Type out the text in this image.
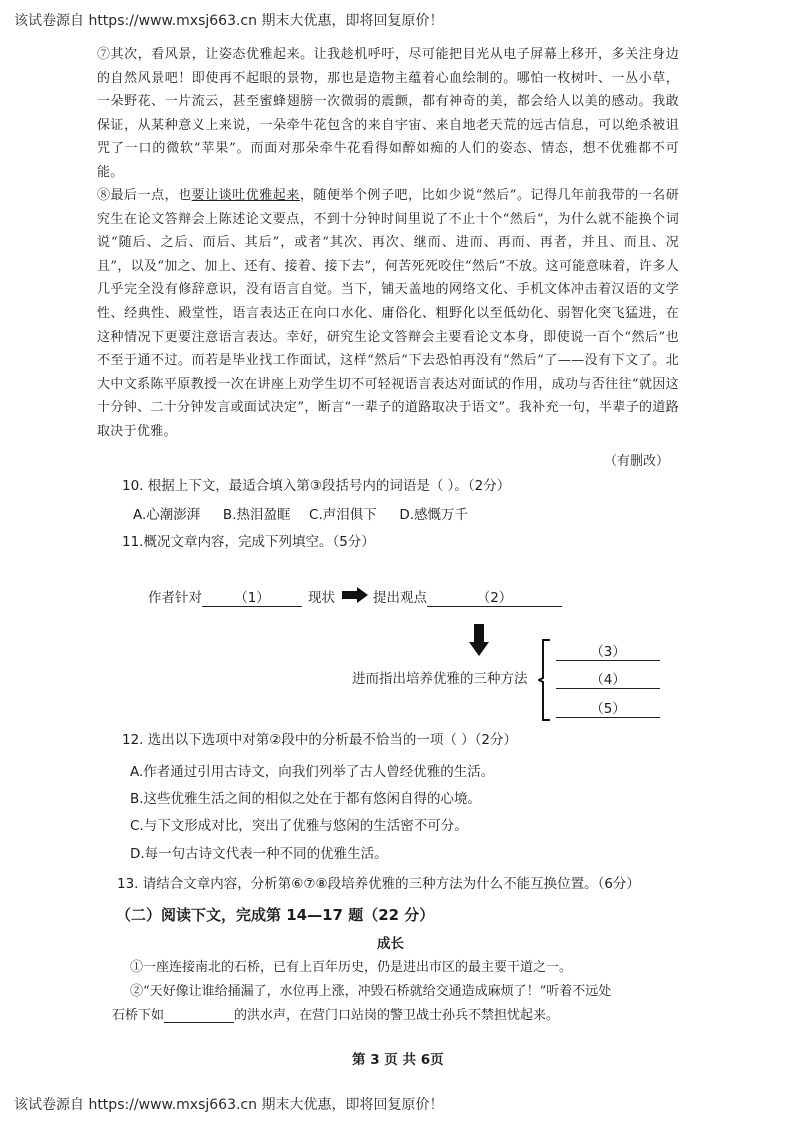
该试卷源自 https://www.mxsj663.cn 期末大优惠，即将回复原价！
⑦其次，看风景，让姿态优雅起来。让我趁机呼吁，尽可能把目光从电子屏幕上移开，多关注身边的自然风景吧！即使再不起眼的景物，那也是造物主蕴着心血绘制的。哪怕一枚树叶、一丛小草，一朵野花、一片流云，甚至蜜蜂翅膀一次微弱的震颤，都有神奇的美，都会给人以美的感动。我敢保证，从某种意义上来说，一朵牵牛花包含的来自宇宙、来自地老天荒的远古信息，可以绝杀被诅咒了一口的微软“苹果”。而面对那朵牵牛花看得如醉如痴的人们的姿态、情态，想不优雅都不可能。
⑧最后一点，也要让谈吐优雅起来，随便举个例子吧，比如少说“然后”。记得几年前我带的一名研究生在论文答辩会上陈述论文要点，不到十分钟时间里说了不止十个“然后”，为什么就不能换个词说“随后、之后、而后、其后”，或者“其次、再次、继而、进而、再而、再者，并且、而且、况且”，以及“加之、加上、还有、接着、接下去”，何苦死死咬住“然后”不放。这可能意味着，许多人几乎完全没有修辞意识，没有语言自觉。当下，铺天盖地的网络文化、手机文体冲击着汉语的文学性、经典性、殿堂性，语言表达正在向口水化、庸俗化、粗野化以至低幼化、弱智化突飞猛进，在这种情况下更要注意语言表达。幸好，研究生论文答辩会主要看论文本身，即使说一百个“然后”也不至于通不过。而若是毕业找工作面试，这样“然后”下去恐怕再没有“然后”了——没有下文了。北大中文系陈平原教授一次在讲座上劝学生切不可轻视语言表达对面试的作用，成功与否往往“就因这十分钟、二十分钟发言或面试决定”，断言“一辈子的道路取决于语文”。我补充一句，半辈子的道路取决于优雅。
（有删改）
10. 根据上下文，最适合填入第③段括号内的词语是（ ）。（2分）
A.心潮澎湃 B.热泪盈眶 C.声泪俱下 D.感慨万千
11.概况文章内容，完成下列填空。（5分）
作者针对 （1）	现状	提出观点	（2）
进而指出培养优雅的三种方法
（3）
（4）
（5）
12. 选出以下选项中对第②段中的分析最不恰当的一项（ ）（2分）
A.作者通过引用古诗文，向我们列举了古人曾经优雅的生活。
B.这些优雅生活之间的相似之处在于都有悠闲自得的心境。
C.与下文形成对比，突出了优雅与悠闲的生活密不可分。
D.每一句古诗文代表一种不同的优雅生活。
13. 请结合文章内容，分析第⑥⑦⑧段培养优雅的三种方法为什么不能互换位置。（6分）
（二）阅读下文，完成第 14—17 题（22 分）
成长
①一座连接南北的石桥，已有上百年历史，仍是进出市区的最主要干道之一。
②“天好像让谁给捅漏了，水位再上涨，冲毁石桥就给交通造成麻烦了！”听着不远处
石桥下如	的洪水声，在营门口站岗的警卫战士孙兵不禁担忧起来。
第 3 页 共 6页
该试卷源自 https://www.mxsj663.cn 期末大优惠，即将回复原价！
